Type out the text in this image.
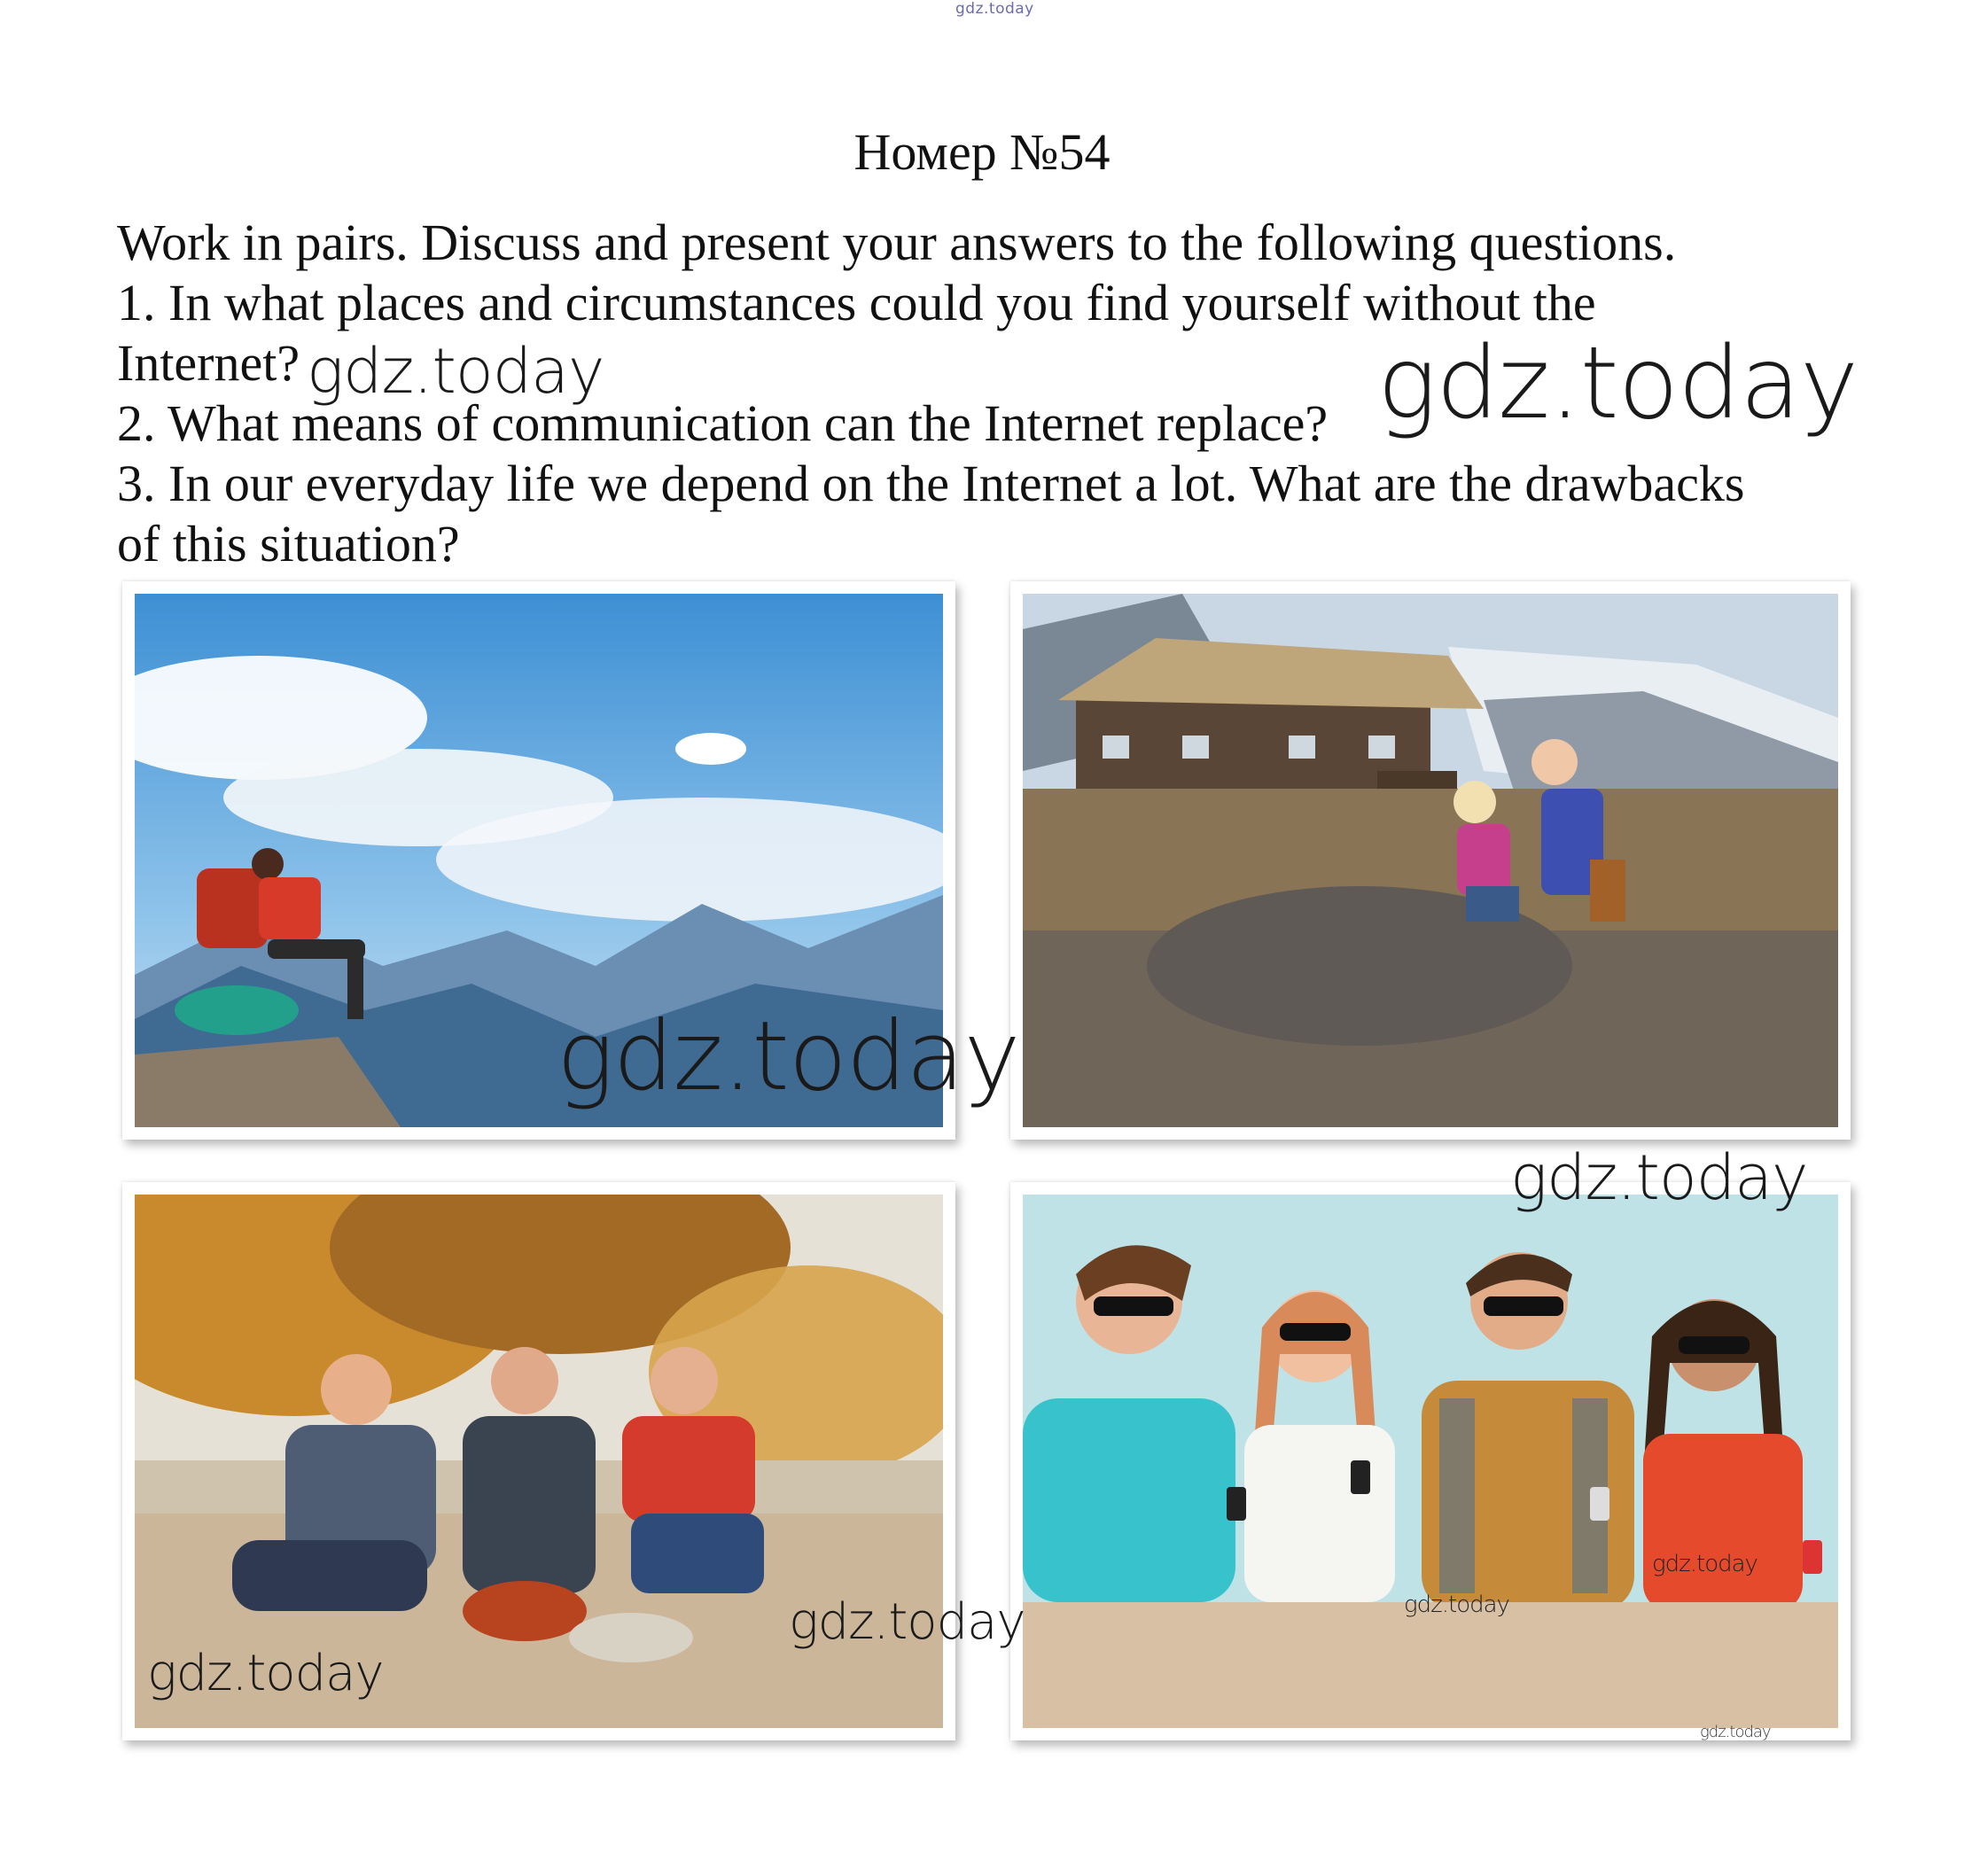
gdz.today
Номер №54

Work in pairs. Discuss and present your answers to the following questions.

1. In what places and circumstances could you find yourself without the

Internet?

2. What means of communication can the Internet replace?

3. In our everyday life we depend on the Internet a lot. What are the drawbacks

of this situation?

gdz.today	gdz.today
gdz.today
gdz.today
gdz.today
gdz.today	gdz.today
gdz.today
gdz.today
